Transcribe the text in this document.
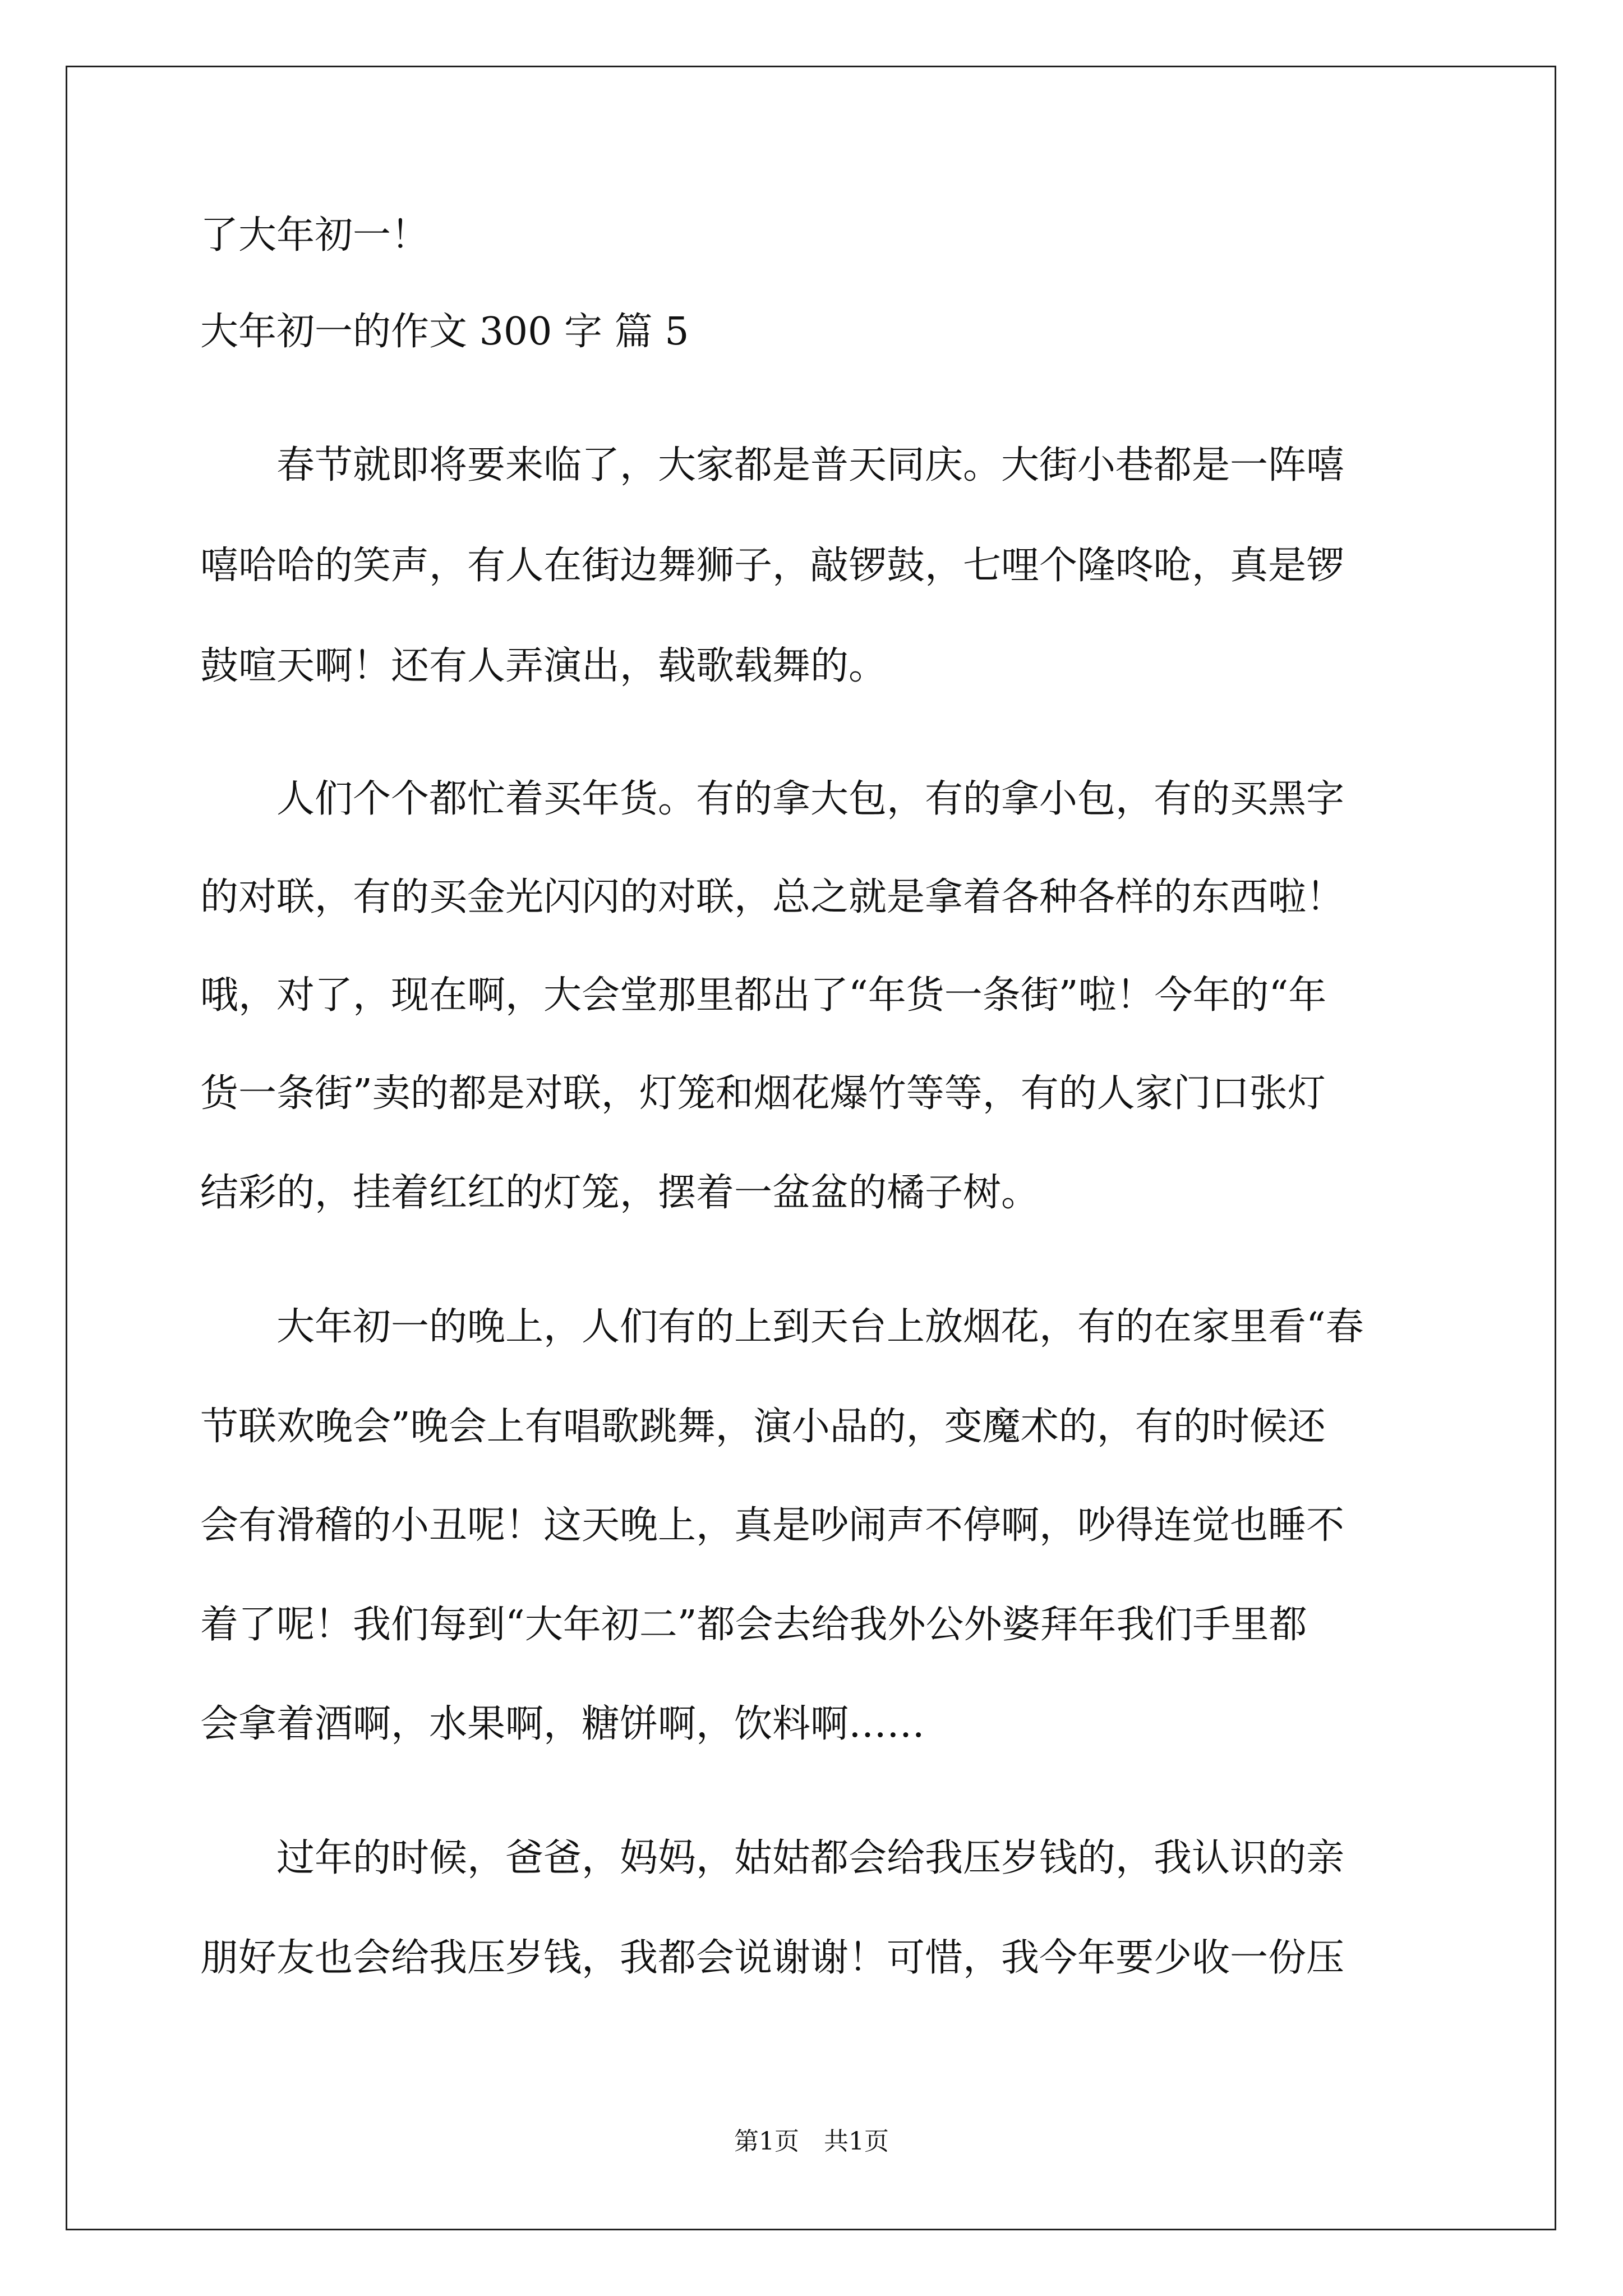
了大年初一！

大年初一的作文 300 字 篇 5

　　春节就即将要来临了，大家都是普天同庆。大街小巷都是一阵嘻

嘻哈哈的笑声，有人在街边舞狮子，敲锣鼓，七哩个隆咚呛，真是锣

鼓喧天啊！还有人弄演出，载歌载舞的。

　　人们个个都忙着买年货。有的拿大包，有的拿小包，有的买黑字

的对联，有的买金光闪闪的对联，总之就是拿着各种各样的东西啦！

哦，对了，现在啊，大会堂那里都出了“年货一条街”啦！今年的“年

货一条街”卖的都是对联，灯笼和烟花爆竹等等，有的人家门口张灯

结彩的，挂着红红的灯笼，摆着一盆盆的橘子树。

　　大年初一的晚上，人们有的上到天台上放烟花，有的在家里看“春

节联欢晚会”晚会上有唱歌跳舞，演小品的，变魔术的，有的时候还

会有滑稽的小丑呢！这天晚上，真是吵闹声不停啊，吵得连觉也睡不

着了呢！我们每到“大年初二”都会去给我外公外婆拜年我们手里都

会拿着酒啊，水果啊，糖饼啊，饮料啊……

　　过年的时候，爸爸，妈妈，姑姑都会给我压岁钱的，我认识的亲

朋好友也会给我压岁钱，我都会说谢谢！可惜，我今年要少收一份压

第1页　共1页
